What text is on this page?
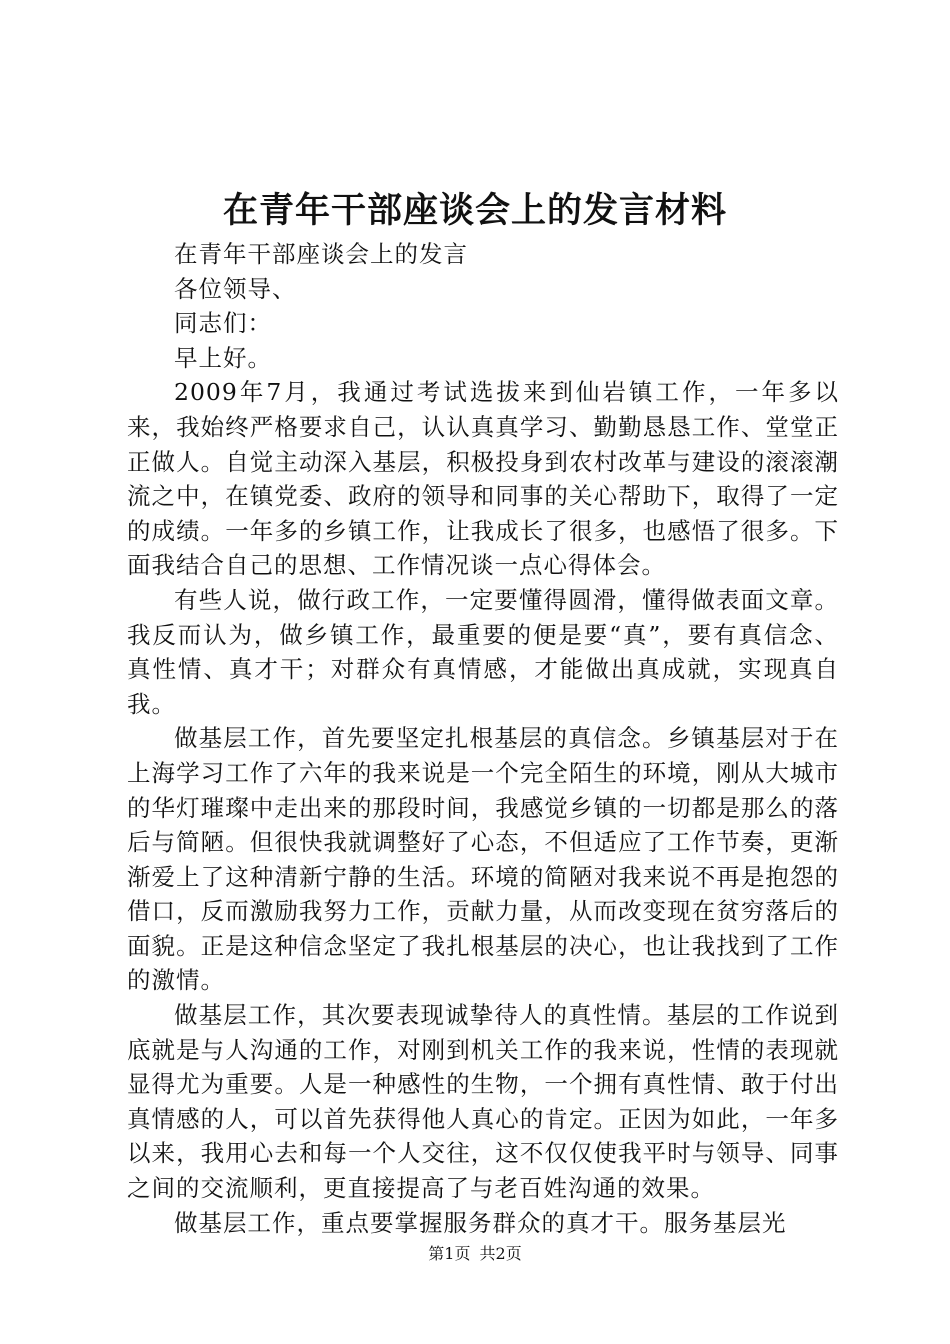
在青年干部座谈会上的发言材料

在青年干部座谈会上的发言

各位领导、

同志们：

早上好。

2009年7月，我通过考试选拔来到仙岩镇工作，一年多以来，我始终严格要求自己，认认真真学习、勤勤恳恳工作、堂堂正正做人。自觉主动深入基层，积极投身到农村改革与建设的滚滚潮流之中，在镇党委、政府的领导和同事的关心帮助下，取得了一定的成绩。一年多的乡镇工作，让我成长了很多，也感悟了很多。下面我结合自己的思想、工作情况谈一点心得体会。

有些人说，做行政工作，一定要懂得圆滑，懂得做表面文章。我反而认为，做乡镇工作，最重要的便是要“真”，要有真信念、真性情、真才干；对群众有真情感，才能做出真成就，实现真自我。

做基层工作，首先要坚定扎根基层的真信念。乡镇基层对于在上海学习工作了六年的我来说是一个完全陌生的环境，刚从大城市的华灯璀璨中走出来的那段时间，我感觉乡镇的一切都是那么的落后与简陋。但很快我就调整好了心态，不但适应了工作节奏，更渐渐爱上了这种清新宁静的生活。环境的简陋对我来说不再是抱怨的借口，反而激励我努力工作，贡献力量，从而改变现在贫穷落后的面貌。正是这种信念坚定了我扎根基层的决心，也让我找到了工作的激情。

做基层工作，其次要表现诚挚待人的真性情。基层的工作说到底就是与人沟通的工作，对刚到机关工作的我来说，性情的表现就显得尤为重要。人是一种感性的生物，一个拥有真性情、敢于付出真情感的人，可以首先获得他人真心的肯定。正因为如此，一年多以来，我用心去和每一个人交往，这不仅仅使我平时与领导、同事之间的交流顺利，更直接提高了与老百姓沟通的效果。

做基层工作，重点要掌握服务群众的真才干。服务基层光

第1页 共2页
